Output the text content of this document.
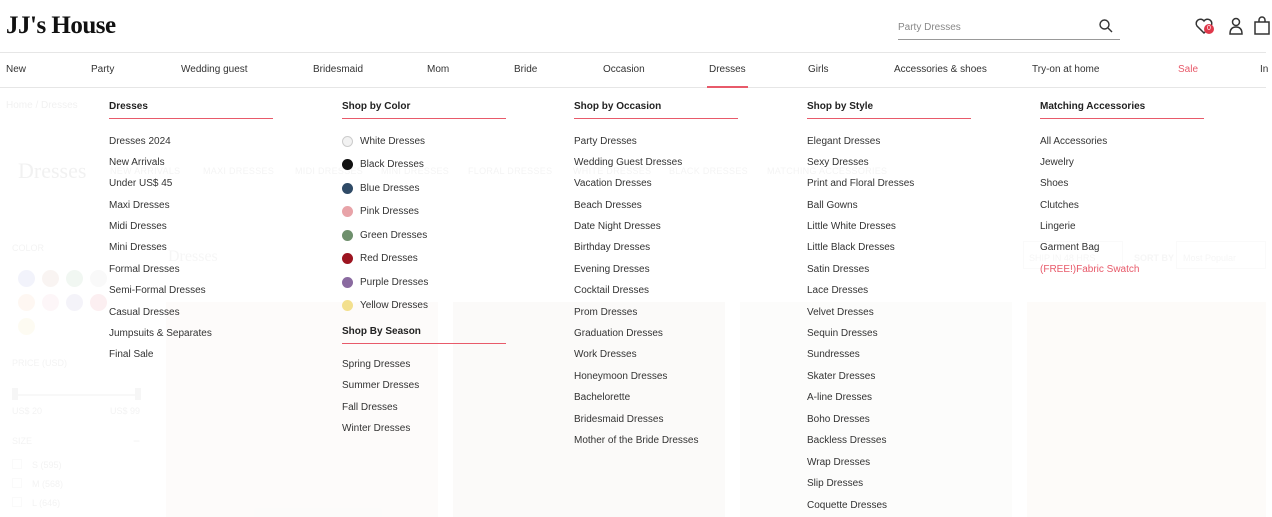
JJ's House
Party Dresses	0
New	Party	Wedding guest	Bridesmaid	Mom	Bride	Occasion	Dresses	Girls	Accessories & shoes	Try-on at home	Sale	In
Dresses
Dresses 2024
New Arrivals
Under US$ 45
Maxi Dresses
Midi Dresses
Mini Dresses
Formal Dresses
Semi-Formal Dresses
Casual Dresses
Jumpsuits & Separates
Final Sale
Shop by Color
White Dresses
Black Dresses
Blue Dresses
Pink Dresses
Green Dresses
Red Dresses
Purple Dresses
Yellow Dresses
Shop By Season
Spring Dresses
Summer Dresses
Fall Dresses
Winter Dresses
Shop by Occasion
Party Dresses
Wedding Guest Dresses
Vacation Dresses
Beach Dresses
Date Night Dresses
Birthday Dresses
Evening Dresses
Cocktail Dresses
Prom Dresses
Graduation Dresses
Work Dresses
Honeymoon Dresses
Bachelorette
Bridesmaid Dresses
Mother of the Bride Dresses
Shop by Style
Elegant Dresses
Sexy Dresses
Print and Floral Dresses
Ball Gowns
Little White Dresses
Little Black Dresses
Satin Dresses
Lace Dresses
Velvet Dresses
Sequin Dresses
Sundresses
Skater Dresses
A-line Dresses
Boho Dresses
Backless Dresses
Wrap Dresses
Slip Dresses
Coquette Dresses
Matching Accessories
All Accessories
Jewelry
Shoes
Clutches
Lingerie
Garment Bag
(FREE!)Fabric Swatch
